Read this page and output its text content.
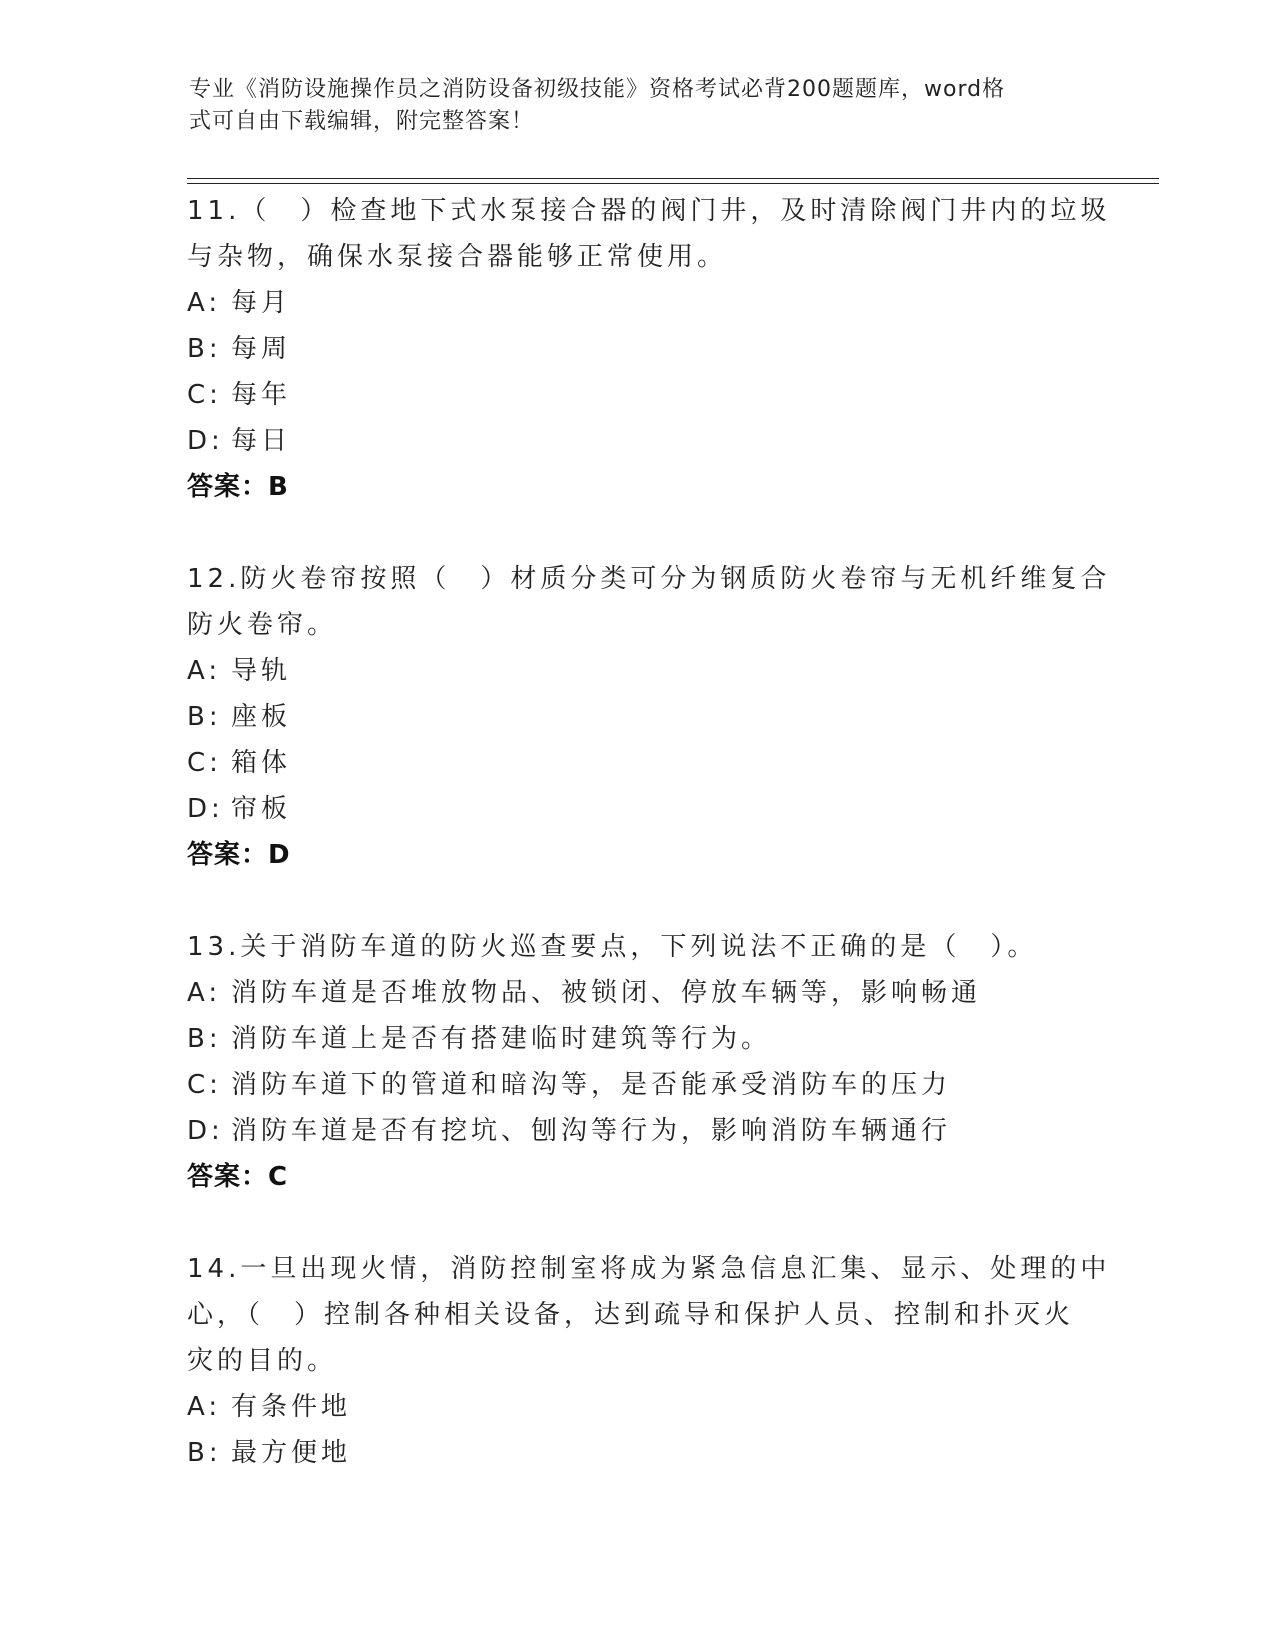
专业《消防设施操作员之消防设备初级技能》资格考试必背200题题库，word格
式可自由下载编辑，附完整答案！
11.（　）检查地下式水泵接合器的阀门井，及时清除阀门井内的垃圾
与杂物，确保水泵接合器能够正常使用。
A: 每月
B: 每周
C: 每年
D: 每日
答案：B
12.防火卷帘按照（　）材质分类可分为钢质防火卷帘与无机纤维复合
防火卷帘。
A: 导轨
B: 座板
C: 箱体
D: 帘板
答案：D
13.关于消防车道的防火巡查要点，下列说法不正确的是（　）。
A: 消防车道是否堆放物品、被锁闭、停放车辆等，影响畅通
B: 消防车道上是否有搭建临时建筑等行为。
C: 消防车道下的管道和暗沟等，是否能承受消防车的压力
D: 消防车道是否有挖坑、刨沟等行为，影响消防车辆通行
答案：C
14.一旦出现火情，消防控制室将成为紧急信息汇集、显示、处理的中
心，（　）控制各种相关设备，达到疏导和保护人员、控制和扑灭火
灾的目的。
A: 有条件地
B: 最方便地
